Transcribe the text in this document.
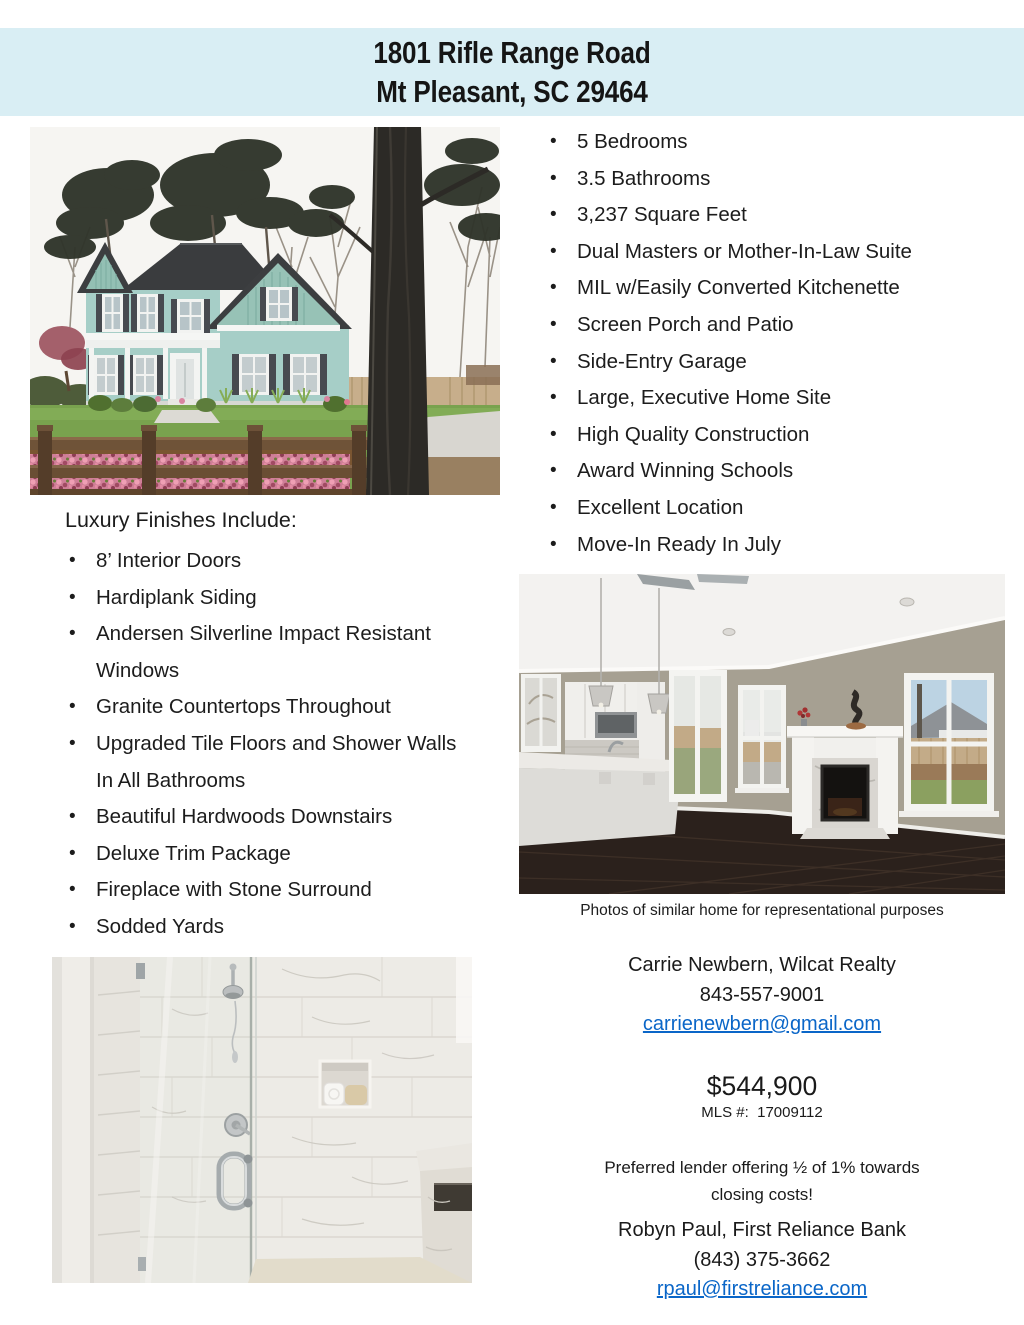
1801 Rifle Range Road
Mt Pleasant, SC 29464
• 5 Bedrooms
• 3.5 Bathrooms
• 3,237 Square Feet
• Dual Masters or Mother-In-Law Suite
• MIL w/Easily Converted Kitchenette
• Screen Porch and Patio
• Side-Entry Garage
• Large, Executive Home Site
• High Quality Construction
• Award Winning Schools
• Excellent Location
• Move-In Ready In July
Luxury Finishes Include:
• 8’ Interior Doors
• Hardiplank Siding
• Andersen Silverline Impact Resistant Windows
• Granite Countertops Throughout
• Upgraded Tile Floors and Shower Walls In All Bathrooms
• Beautiful Hardwoods Downstairs
• Deluxe Trim Package
• Fireplace with Stone Surround
• Sodded Yards
Photos of similar home for representational purposes
Carrie Newbern, Wilcat Realty
843-557-9001
carrienewbern@gmail.com
$544,900
MLS #:  17009112
Preferred lender offering ½ of 1% towards
closing costs!
Robyn Paul, First Reliance Bank
(843) 375-3662
rpaul@firstreliance.com
